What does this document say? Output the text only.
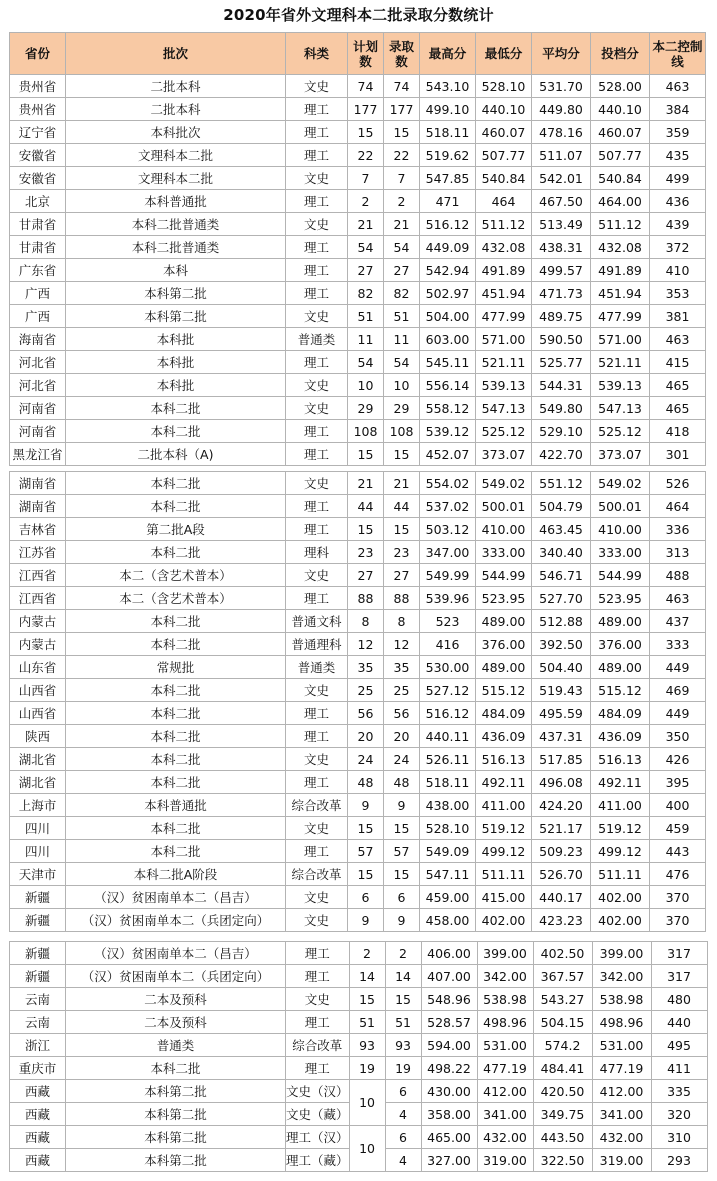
2020年省外文理科本二批录取分数统计
省份	批次	科类	计划数	录取数	最高分	最低分	平均分	投档分	本二控制线
贵州省	二批本科	文史	74	74	543.10	528.10	531.70	528.00	463
贵州省	二批本科	理工	177	177	499.10	440.10	449.80	440.10	384
辽宁省	本科批次	理工	15	15	518.11	460.07	478.16	460.07	359
安徽省	文理科本二批	理工	22	22	519.62	507.77	511.07	507.77	435
安徽省	文理科本二批	文史	7	7	547.85	540.84	542.01	540.84	499
北京	本科普通批	理工	2	2	471	464	467.50	464.00	436
甘肃省	本科二批普通类	文史	21	21	516.12	511.12	513.49	511.12	439
甘肃省	本科二批普通类	理工	54	54	449.09	432.08	438.31	432.08	372
广东省	本科	理工	27	27	542.94	491.89	499.57	491.89	410
广西	本科第二批	理工	82	82	502.97	451.94	471.73	451.94	353
广西	本科第二批	文史	51	51	504.00	477.99	489.75	477.99	381
海南省	本科批	普通类	11	11	603.00	571.00	590.50	571.00	463
河北省	本科批	理工	54	54	545.11	521.11	525.77	521.11	415
河北省	本科批	文史	10	10	556.14	539.13	544.31	539.13	465
河南省	本科二批	文史	29	29	558.12	547.13	549.80	547.13	465
河南省	本科二批	理工	108	108	539.12	525.12	529.10	525.12	418
黑龙江省	二批本科（A)	理工	15	15	452.07	373.07	422.70	373.07	301
湖南省	本科二批	文史	21	21	554.02	549.02	551.12	549.02	526
湖南省	本科二批	理工	44	44	537.02	500.01	504.79	500.01	464
吉林省	第二批A段	理工	15	15	503.12	410.00	463.45	410.00	336
江苏省	本科二批	理科	23	23	347.00	333.00	340.40	333.00	313
江西省	本二（含艺术普本）	文史	27	27	549.99	544.99	546.71	544.99	488
江西省	本二（含艺术普本）	理工	88	88	539.96	523.95	527.70	523.95	463
内蒙古	本科二批	普通文科	8	8	523	489.00	512.88	489.00	437
内蒙古	本科二批	普通理科	12	12	416	376.00	392.50	376.00	333
山东省	常规批	普通类	35	35	530.00	489.00	504.40	489.00	449
山西省	本科二批	文史	25	25	527.12	515.12	519.43	515.12	469
山西省	本科二批	理工	56	56	516.12	484.09	495.59	484.09	449
陕西	本科二批	理工	20	20	440.11	436.09	437.31	436.09	350
湖北省	本科二批	文史	24	24	526.11	516.13	517.85	516.13	426
湖北省	本科二批	理工	48	48	518.11	492.11	496.08	492.11	395
上海市	本科普通批	综合改革	9	9	438.00	411.00	424.20	411.00	400
四川	本科二批	文史	15	15	528.10	519.12	521.17	519.12	459
四川	本科二批	理工	57	57	549.09	499.12	509.23	499.12	443
天津市	本科二批A阶段	综合改革	15	15	547.11	511.11	526.70	511.11	476
新疆	（汉）贫困南单本二（昌吉）	文史	6	6	459.00	415.00	440.17	402.00	370
新疆	（汉）贫困南单本二（兵团定向）	文史	9	9	458.00	402.00	423.23	402.00	370
新疆	（汉）贫困南单本二（昌吉）	理工	2	2	406.00	399.00	402.50	399.00	317
新疆	（汉）贫困南单本二（兵团定向）	理工	14	14	407.00	342.00	367.57	342.00	317
云南	二本及预科	文史	15	15	548.96	538.98	543.27	538.98	480
云南	二本及预科	理工	51	51	528.57	498.96	504.15	498.96	440
浙江	普通类	综合改革	93	93	594.00	531.00	574.2	531.00	495
重庆市	本科二批	理工	19	19	498.22	477.19	484.41	477.19	411
西藏	本科第二批	文史（汉）	10	6	430.00	412.00	420.50	412.00	335
西藏	本科第二批	文史（藏）		4	358.00	341.00	349.75	341.00	320
西藏	本科第二批	理工（汉）	10	6	465.00	432.00	443.50	432.00	310
西藏	本科第二批	理工（藏）		4	327.00	319.00	322.50	319.00	293
